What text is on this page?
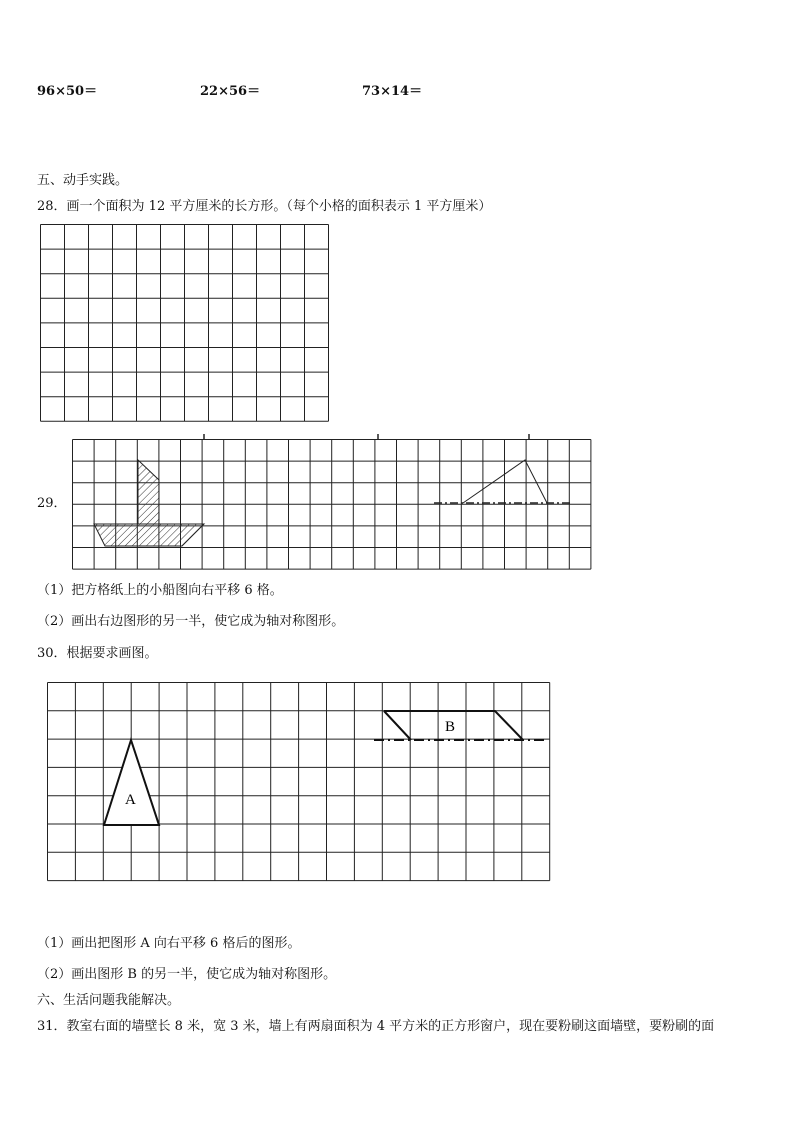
96×50＝	22×56＝	73×14＝
五、动手实践。
28．画一个面积为 12 平方厘米的长方形。（每个小格的面积表示 1 平方厘米）
29．
（1）把方格纸上的小船图向右平移 6 格。
（2）画出右边图形的另一半，使它成为轴对称图形。
30．根据要求画图。
A
B
（1）画出把图形 A 向右平移 6 格后的图形。
（2）画出图形 B 的另一半，使它成为轴对称图形。
六、生活问题我能解决。
31．教室右面的墙壁长 8 米，宽 3 米，墙上有两扇面积为 4 平方米的正方形窗户，现在要粉刷这面墙壁，要粉刷的面
